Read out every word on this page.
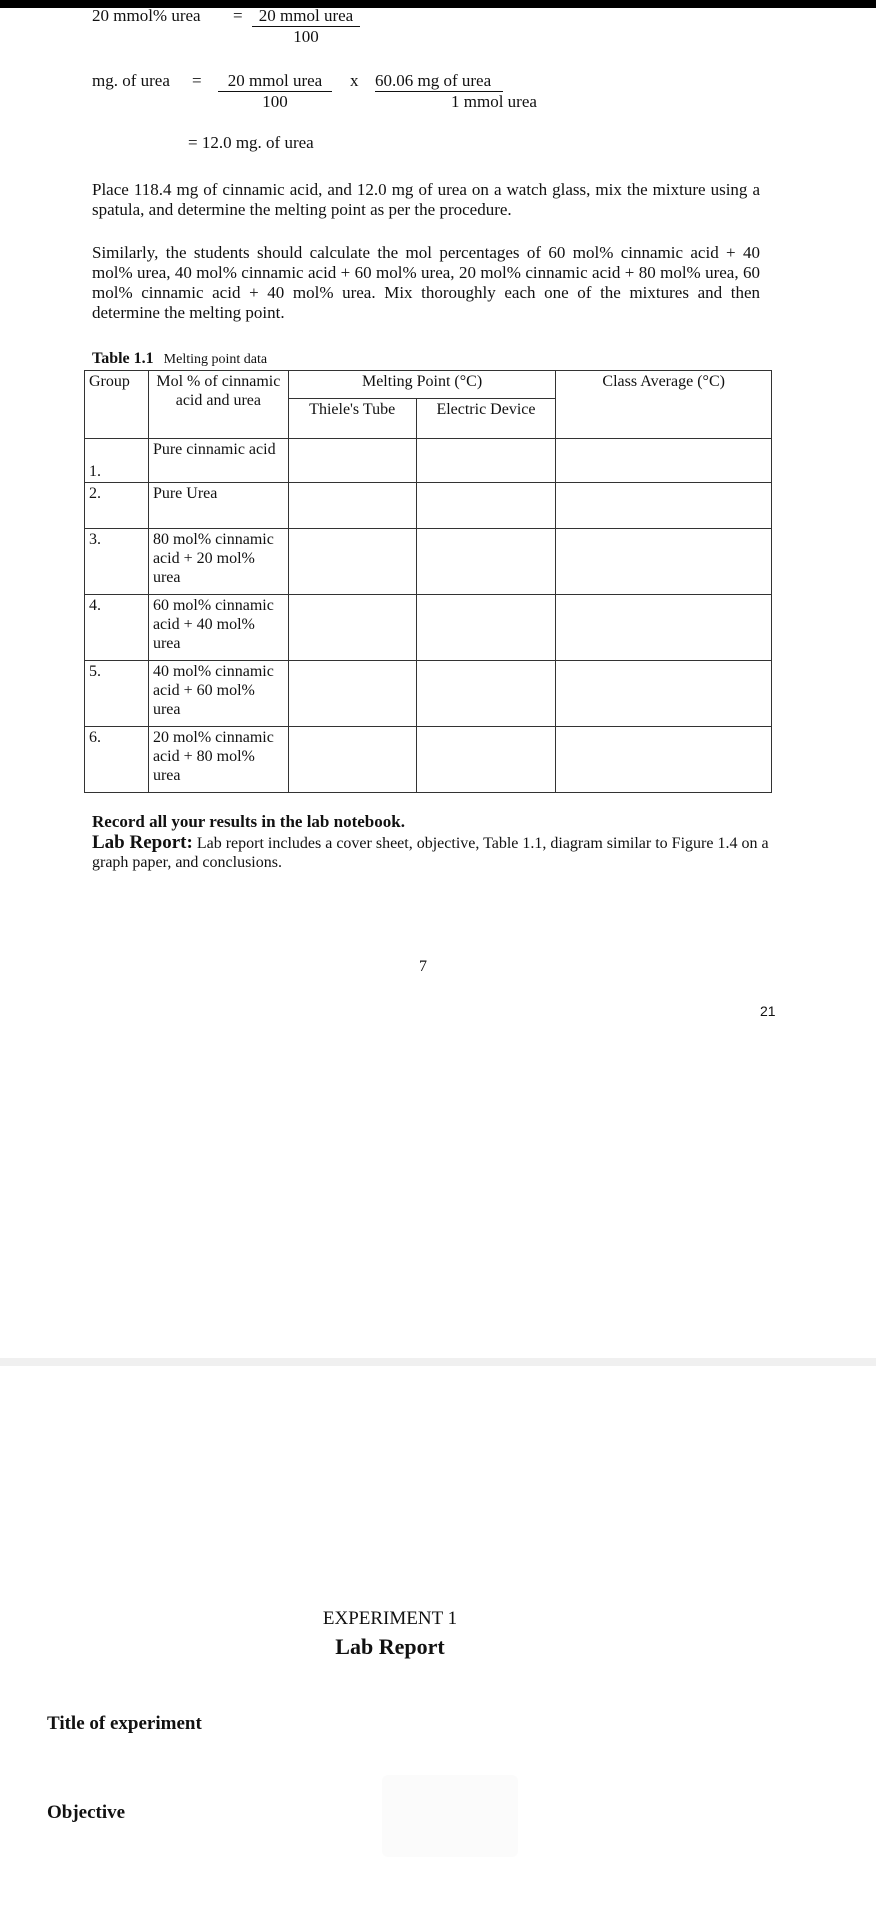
20 mmol% urea = 20 mmol urea
100
mg. of urea =	20 mmol urea
100
x 60.06 mg of urea
1 mmol urea
= 12.0 mg. of urea
Place 118.4 mg of cinnamic acid, and 12.0 mg of urea on a watch glass, mix the mixture using a spatula, and determine the melting point as per the procedure.
Similarly, the students should calculate the mol percentages of 60 mol% cinnamic acid + 40 mol% urea, 40 mol% cinnamic acid + 60 mol% urea, 20 mol% cinnamic acid + 80 mol% urea, 60 mol% cinnamic acid + 40 mol% urea. Mix thoroughly each one of the mixtures and then determine the melting point.
Table 1.1 Melting point data
Group	Mol % of cinnamic acid and urea	Melting Point (°C)		Class Average (°C)
		Thiele's Tube	Electric Device	
1.	Pure cinnamic acid			
2.	Pure Urea			
3.	80 mol% cinnamic acid + 20 mol% urea			
4.	60 mol% cinnamic acid + 40 mol% urea			
5.	40 mol% cinnamic acid + 60 mol% urea			
6.	20 mol% cinnamic acid + 80 mol% urea			
Record all your results in the lab notebook.
Lab Report: Lab report includes a cover sheet, objective, Table 1.1, diagram similar to Figure 1.4 on a graph paper, and conclusions.
7
21
EXPERIMENT 1
Lab Report
Title of experiment
Objective
